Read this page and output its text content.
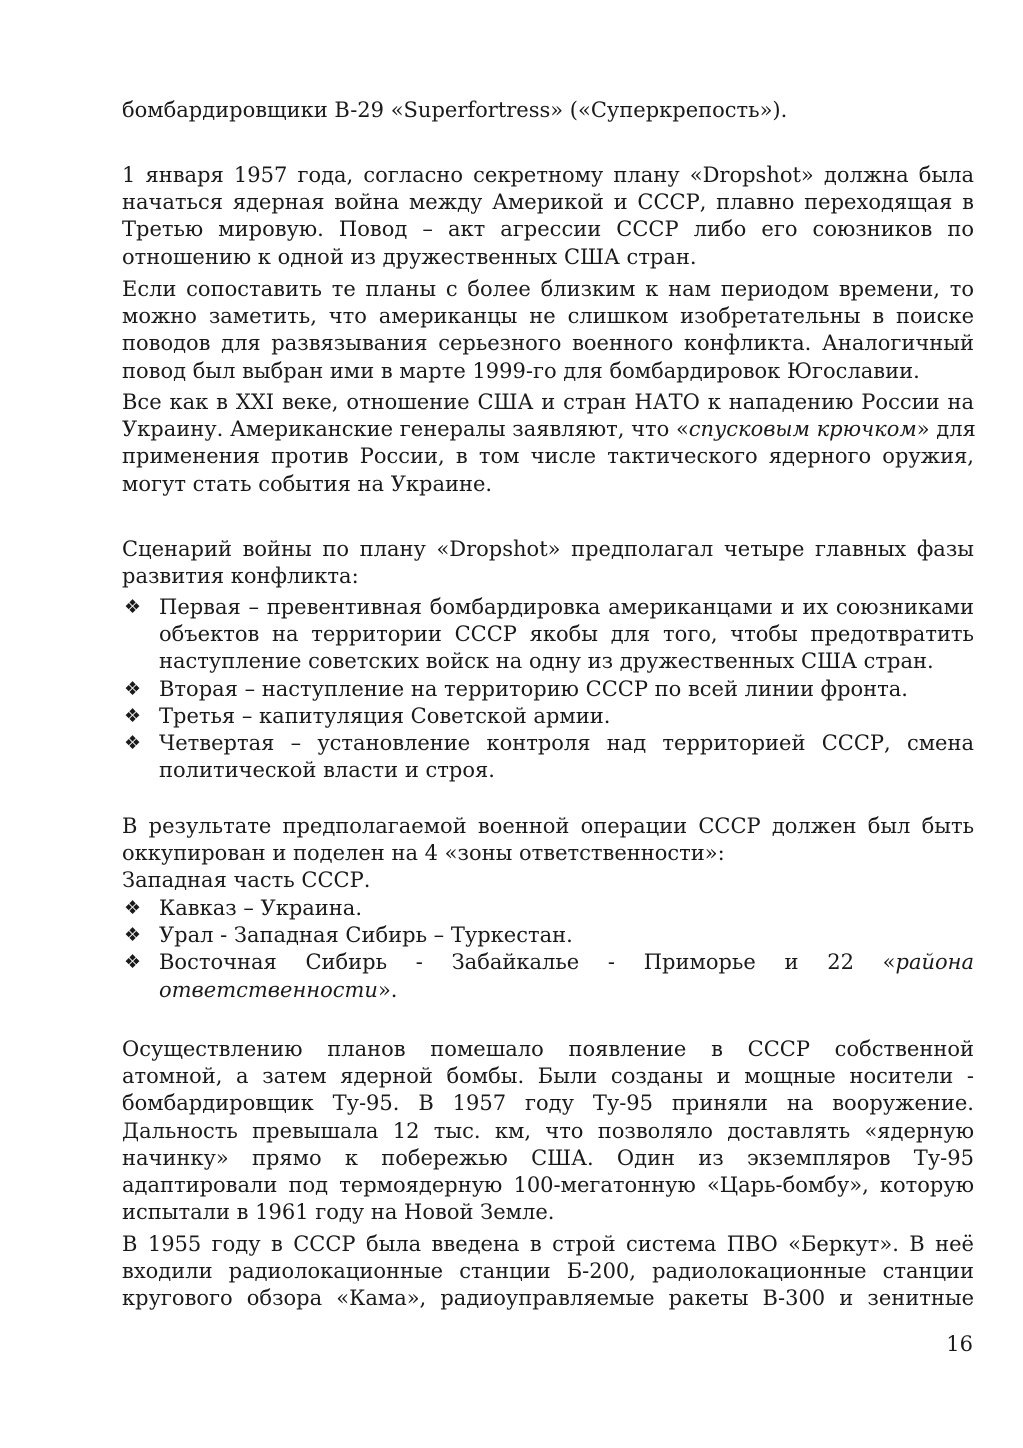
бомбардировщики B-29 «Superfortress» («Суперкрепость»).
1 января 1957 года, согласно секретному плану «Dropshot» должна была
начаться ядерная война между Америкой и СССР, плавно переходящая в
Третью мировую. Повод – акт агрессии СССР либо его союзников по
отношению к одной из дружественных США стран.
Если сопоставить те планы с более близким к нам периодом времени, то
можно заметить, что американцы не слишком изобретательны в поиске
поводов для развязывания серьезного военного конфликта. Аналогичный
повод был выбран ими в марте 1999-го для бомбардировок Югославии.
Все как в XXI веке, отношение США и стран НАТО к нападению России на
Украину. Американские генералы заявляют, что «спусковым крючком» для
применения против России, в том числе тактического ядерного оружия,
могут стать события на Украине.
Сценарий войны по плану «Dropshot» предполагал четыре главных фазы
развития конфликта:
❖ Первая – превентивная бомбардировка американцами и их союзниками
объектов на территории СССР якобы для того, чтобы предотвратить
наступление советских войск на одну из дружественных США стран.
❖ Вторая – наступление на территорию СССР по всей линии фронта.
❖ Третья – капитуляция Советской армии.
❖ Четвертая – установление контроля над территорией СССР, смена
политической власти и строя.
В результате предполагаемой военной операции СССР должен был быть
оккупирован и поделен на 4 «зоны ответственности»:
Западная часть СССР.
❖ Кавказ – Украина.
❖ Урал - Западная Сибирь – Туркестан.
❖ Восточная Сибирь - Забайкалье - Приморье и 22 «района
ответственности».
Осуществлению планов помешало появление в СССР собственной
атомной, а затем ядерной бомбы. Были созданы и мощные носители -
бомбардировщик Ту-95. В 1957 году Ту-95 приняли на вооружение.
Дальность превышала 12 тыс. км, что позволяло доставлять «ядерную
начинку» прямо к побережью США. Один из экземпляров Ту-95
адаптировали под термоядерную 100-мегатонную «Царь-бомбу», которую
испытали в 1961 году на Новой Земле.
В 1955 году в СССР была введена в строй система ПВО «Беркут». В неё
входили радиолокационные станции Б-200, радиолокационные станции
кругового обзора «Кама», радиоуправляемые ракеты В-300 и зенитные
16
